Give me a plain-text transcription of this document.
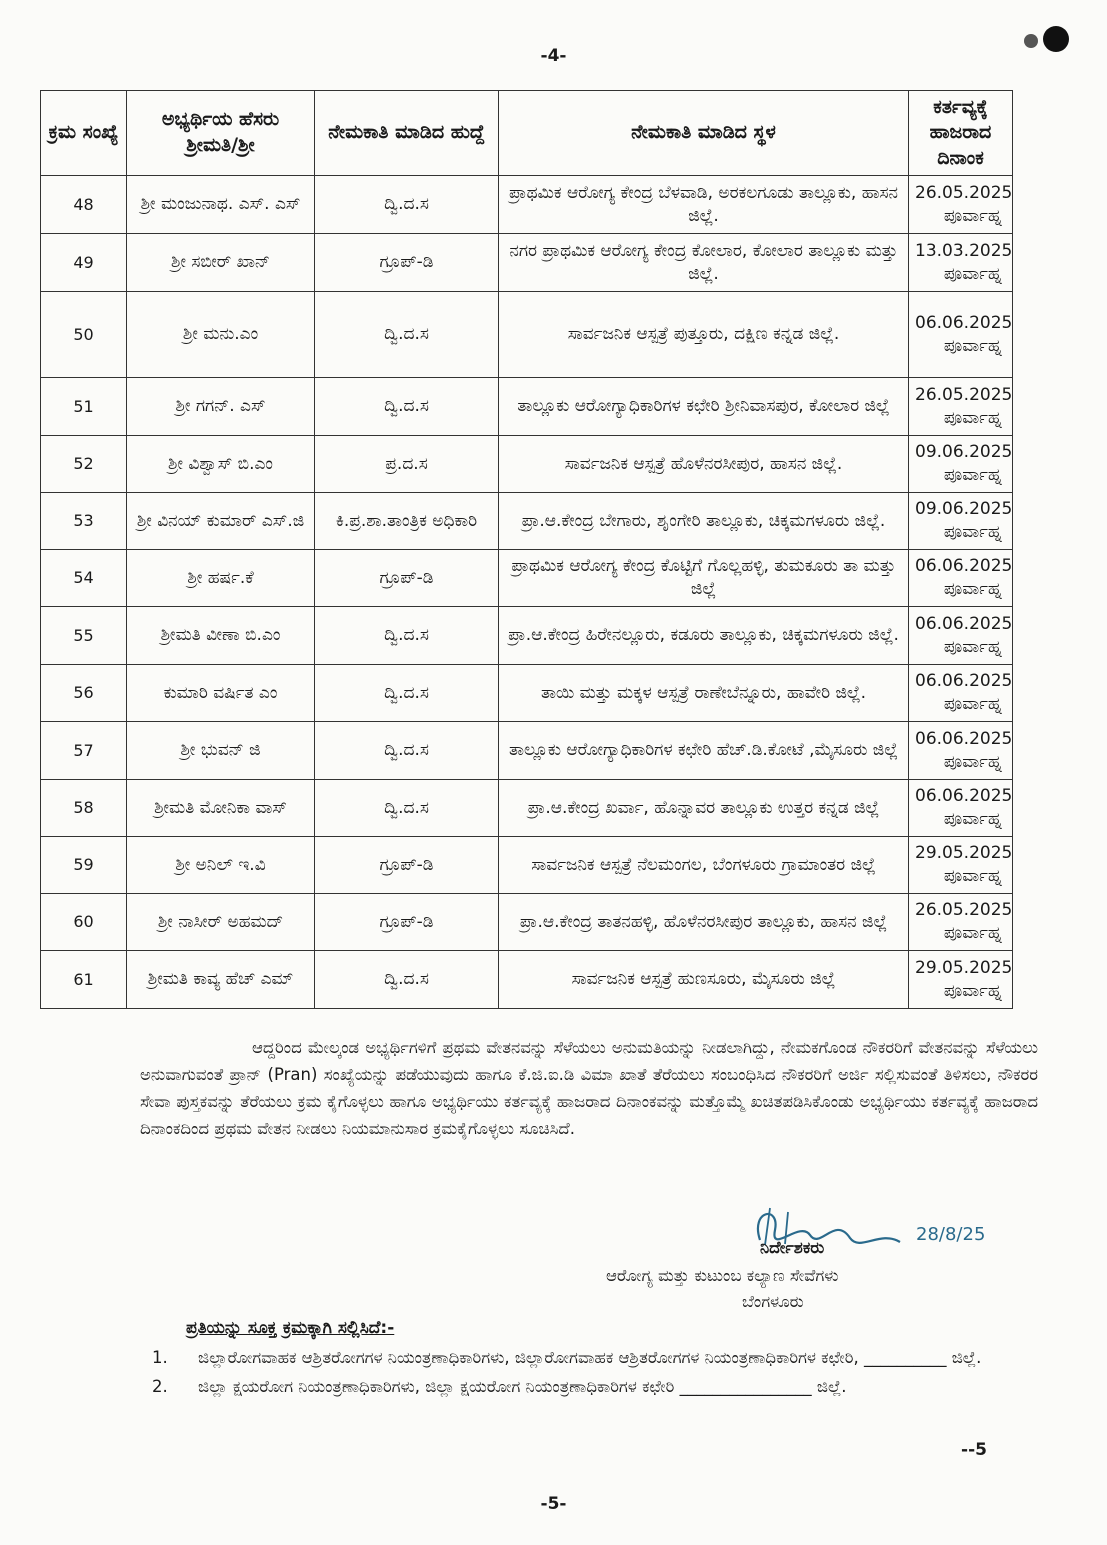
-4-
ಕ್ರಮ ಸಂಖ್ಯೆ	ಅಭ್ಯರ್ಥಿಯ ಹೆಸರು ಶ್ರೀಮತಿ/ಶ್ರೀ	ನೇಮಕಾತಿ ಮಾಡಿದ ಹುದ್ದೆ	ನೇಮಕಾತಿ ಮಾಡಿದ ಸ್ಥಳ	ಕರ್ತವ್ಯಕ್ಕೆ ಹಾಜರಾದ ದಿನಾಂಕ
48	ಶ್ರೀ ಮಂಜುನಾಥ. ಎಸ್. ಎಸ್	ದ್ವಿ.ದ.ಸ	ಪ್ರಾಥಮಿಕ ಆರೋಗ್ಯ ಕೇಂದ್ರ ಬೆಳವಾಡಿ, ಅರಕಲಗೂಡು ತಾಲ್ಲೂಕು, ಹಾಸನ ಜಿಲ್ಲೆ.	26.05.2025
ಪೂರ್ವಾಹ್ನ
49	ಶ್ರೀ ಸಬೀರ್ ಖಾನ್	ಗ್ರೂಪ್-ಡಿ	ನಗರ ಪ್ರಾಥಮಿಕ ಆರೋಗ್ಯ ಕೇಂದ್ರ ಕೋಲಾರ, ಕೋಲಾರ ತಾಲ್ಲೂಕು ಮತ್ತು ಜಿಲ್ಲೆ.	13.03.2025
ಪೂರ್ವಾಹ್ನ
50	ಶ್ರೀ ಮನು.ಎಂ	ದ್ವಿ.ದ.ಸ	ಸಾರ್ವಜನಿಕ ಆಸ್ಪತ್ರೆ ಪುತ್ತೂರು, ದಕ್ಷಿಣ ಕನ್ನಡ ಜಿಲ್ಲೆ.	06.06.2025
ಪೂರ್ವಾಹ್ನ
51	ಶ್ರೀ ಗಗನ್. ಎಸ್	ದ್ವಿ.ದ.ಸ	ತಾಲ್ಲೂಕು ಆರೋಗ್ಯಾಧಿಕಾರಿಗಳ ಕಛೇರಿ ಶ್ರೀನಿವಾಸಪುರ, ಕೋಲಾರ ಜಿಲ್ಲೆ	26.05.2025
ಪೂರ್ವಾಹ್ನ
52	ಶ್ರೀ ವಿಶ್ವಾಸ್ ಬಿ.ಎಂ	ಪ್ರ.ದ.ಸ	ಸಾರ್ವಜನಿಕ ಆಸ್ಪತ್ರೆ ಹೊಳೆನರಸೀಪುರ, ಹಾಸನ ಜಿಲ್ಲೆ.	09.06.2025
ಪೂರ್ವಾಹ್ನ
53	ಶ್ರೀ ವಿನಯ್ ಕುಮಾರ್ ಎಸ್.ಜಿ	ಕಿ.ಪ್ರ.ಶಾ.ತಾಂತ್ರಿಕ ಅಧಿಕಾರಿ	ಪ್ರಾ.ಆ.ಕೇಂದ್ರ ಬೇಗಾರು, ಶೃಂಗೇರಿ ತಾಲ್ಲೂಕು, ಚಿಕ್ಕಮಗಳೂರು ಜಿಲ್ಲೆ.	09.06.2025
ಪೂರ್ವಾಹ್ನ
54	ಶ್ರೀ ಹರ್ಷ.ಕೆ	ಗ್ರೂಪ್-ಡಿ	ಪ್ರಾಥಮಿಕ ಆರೋಗ್ಯ ಕೇಂದ್ರ ಕೊಟ್ಟಿಗೆ ಗೊಲ್ಲಹಳ್ಳಿ, ತುಮಕೂರು ತಾ ಮತ್ತು ಜಿಲ್ಲೆ	06.06.2025
ಪೂರ್ವಾಹ್ನ
55	ಶ್ರೀಮತಿ ವೀಣಾ ಬಿ.ಎಂ	ದ್ವಿ.ದ.ಸ	ಪ್ರಾ.ಆ.ಕೇಂದ್ರ ಹಿರೇನಲ್ಲೂರು, ಕಡೂರು ತಾಲ್ಲೂಕು, ಚಿಕ್ಕಮಗಳೂರು ಜಿಲ್ಲೆ.	06.06.2025
ಪೂರ್ವಾಹ್ನ
56	ಕುಮಾರಿ ವರ್ಷಿತ ಎಂ	ದ್ವಿ.ದ.ಸ	ತಾಯಿ ಮತ್ತು ಮಕ್ಕಳ ಆಸ್ಪತ್ರೆ ರಾಣೇಬೆನ್ನೂರು, ಹಾವೇರಿ ಜಿಲ್ಲೆ.	06.06.2025
ಪೂರ್ವಾಹ್ನ
57	ಶ್ರೀ ಭುವನ್ ಜಿ	ದ್ವಿ.ದ.ಸ	ತಾಲ್ಲೂಕು ಆರೋಗ್ಯಾಧಿಕಾರಿಗಳ ಕಛೇರಿ ಹೆಚ್.ಡಿ.ಕೋಟೆ ,ಮೈಸೂರು ಜಿಲ್ಲೆ	06.06.2025
ಪೂರ್ವಾಹ್ನ
58	ಶ್ರೀಮತಿ ಮೋನಿಕಾ ವಾಸ್	ದ್ವಿ.ದ.ಸ	ಪ್ರಾ.ಆ.ಕೇಂದ್ರ ಖರ್ವಾ, ಹೊನ್ನಾವರ ತಾಲ್ಲೂಕು ಉತ್ತರ ಕನ್ನಡ ಜಿಲ್ಲೆ	06.06.2025
ಪೂರ್ವಾಹ್ನ
59	ಶ್ರೀ ಅನಿಲ್ ಇ.ವಿ	ಗ್ರೂಪ್-ಡಿ	ಸಾರ್ವಜನಿಕ ಆಸ್ಪತ್ರೆ ನೆಲಮಂಗಲ, ಬೆಂಗಳೂರು ಗ್ರಾಮಾಂತರ ಜಿಲ್ಲೆ	29.05.2025
ಪೂರ್ವಾಹ್ನ
60	ಶ್ರೀ ನಾಸೀರ್ ಅಹಮದ್	ಗ್ರೂಪ್-ಡಿ	ಪ್ರಾ.ಆ.ಕೇಂದ್ರ ತಾತನಹಳ್ಳಿ, ಹೊಳೆನರಸೀಪುರ ತಾಲ್ಲೂಕು, ಹಾಸನ ಜಿಲ್ಲೆ	26.05.2025
ಪೂರ್ವಾಹ್ನ
61	ಶ್ರೀಮತಿ ಕಾವ್ಯ ಹೆಚ್ ಎಮ್	ದ್ವಿ.ದ.ಸ	ಸಾರ್ವಜನಿಕ ಆಸ್ಪತ್ರೆ ಹುಣಸೂರು, ಮೈಸೂರು ಜಿಲ್ಲೆ	29.05.2025
ಪೂರ್ವಾಹ್ನ
ಆದ್ದರಿಂದ ಮೇಲ್ಕಂಡ ಅಭ್ಯರ್ಥಿಗಳಿಗೆ ಪ್ರಥಮ ವೇತನವನ್ನು ಸೆಳೆಯಲು ಅನುಮತಿಯನ್ನು ನೀಡಲಾಗಿದ್ದು, ನೇಮಕಗೊಂಡ ನೌಕರರಿಗೆ ವೇತನವನ್ನು ಸೆಳೆಯಲು ಅನುವಾಗುವಂತೆ ಪ್ರಾನ್ (Pran) ಸಂಖ್ಯೆಯನ್ನು ಪಡೆಯುವುದು ಹಾಗೂ ಕೆ.ಜಿ.ಐ.ಡಿ ವಿಮಾ ಖಾತೆ ತೆರೆಯಲು ಸಂಬಂಧಿಸಿದ ನೌಕರರಿಗೆ ಅರ್ಜಿ ಸಲ್ಲಿಸುವಂತೆ ತಿಳಿಸಲು, ನೌಕರರ ಸೇವಾ ಪುಸ್ತಕವನ್ನು ತೆರೆಯಲು ಕ್ರಮ ಕೈಗೊಳ್ಳಲು ಹಾಗೂ ಅಭ್ಯರ್ಥಿಯು ಕರ್ತವ್ಯಕ್ಕೆ ಹಾಜರಾದ ದಿನಾಂಕವನ್ನು ಮತ್ತೊಮ್ಮೆ ಖಚಿತಪಡಿಸಿಕೊಂಡು ಅಭ್ಯರ್ಥಿಯು ಕರ್ತವ್ಯಕ್ಕೆ ಹಾಜರಾದ ದಿನಾಂಕದಿಂದ ಪ್ರಥಮ ವೇತನ ನೀಡಲು ನಿಯಮಾನುಸಾರ ಕ್ರಮಕೈಗೊಳ್ಳಲು ಸೂಚಿಸಿದೆ.
28/8/25
ನಿರ್ದೇಶಕರು
ಆರೋಗ್ಯ ಮತ್ತು ಕುಟುಂಬ ಕಲ್ಯಾಣ ಸೇವೆಗಳು
ಬೆಂಗಳೂರು
ಪ್ರತಿಯನ್ನು ಸೂಕ್ತ ಕ್ರಮಕ್ಕಾಗಿ ಸಲ್ಲಿಸಿದೆ:-
1.	ಜಿಲ್ಲಾರೋಗವಾಹಕ ಆಶ್ರಿತರೋಗಗಳ ನಿಯಂತ್ರಣಾಧಿಕಾರಿಗಳು, ಜಿಲ್ಲಾರೋಗವಾಹಕ ಆಶ್ರಿತರೋಗಗಳ ನಿಯಂತ್ರಣಾಧಿಕಾರಿಗಳ ಕಛೇರಿ, __________ ಜಿಲ್ಲೆ.
2.	ಜಿಲ್ಲಾ ಕ್ಷಯರೋಗ ನಿಯಂತ್ರಣಾಧಿಕಾರಿಗಳು, ಜಿಲ್ಲಾ ಕ್ಷಯರೋಗ ನಿಯಂತ್ರಣಾಧಿಕಾರಿಗಳ ಕಛೇರಿ ________________ ಜಿಲ್ಲೆ.
--5
-5-
